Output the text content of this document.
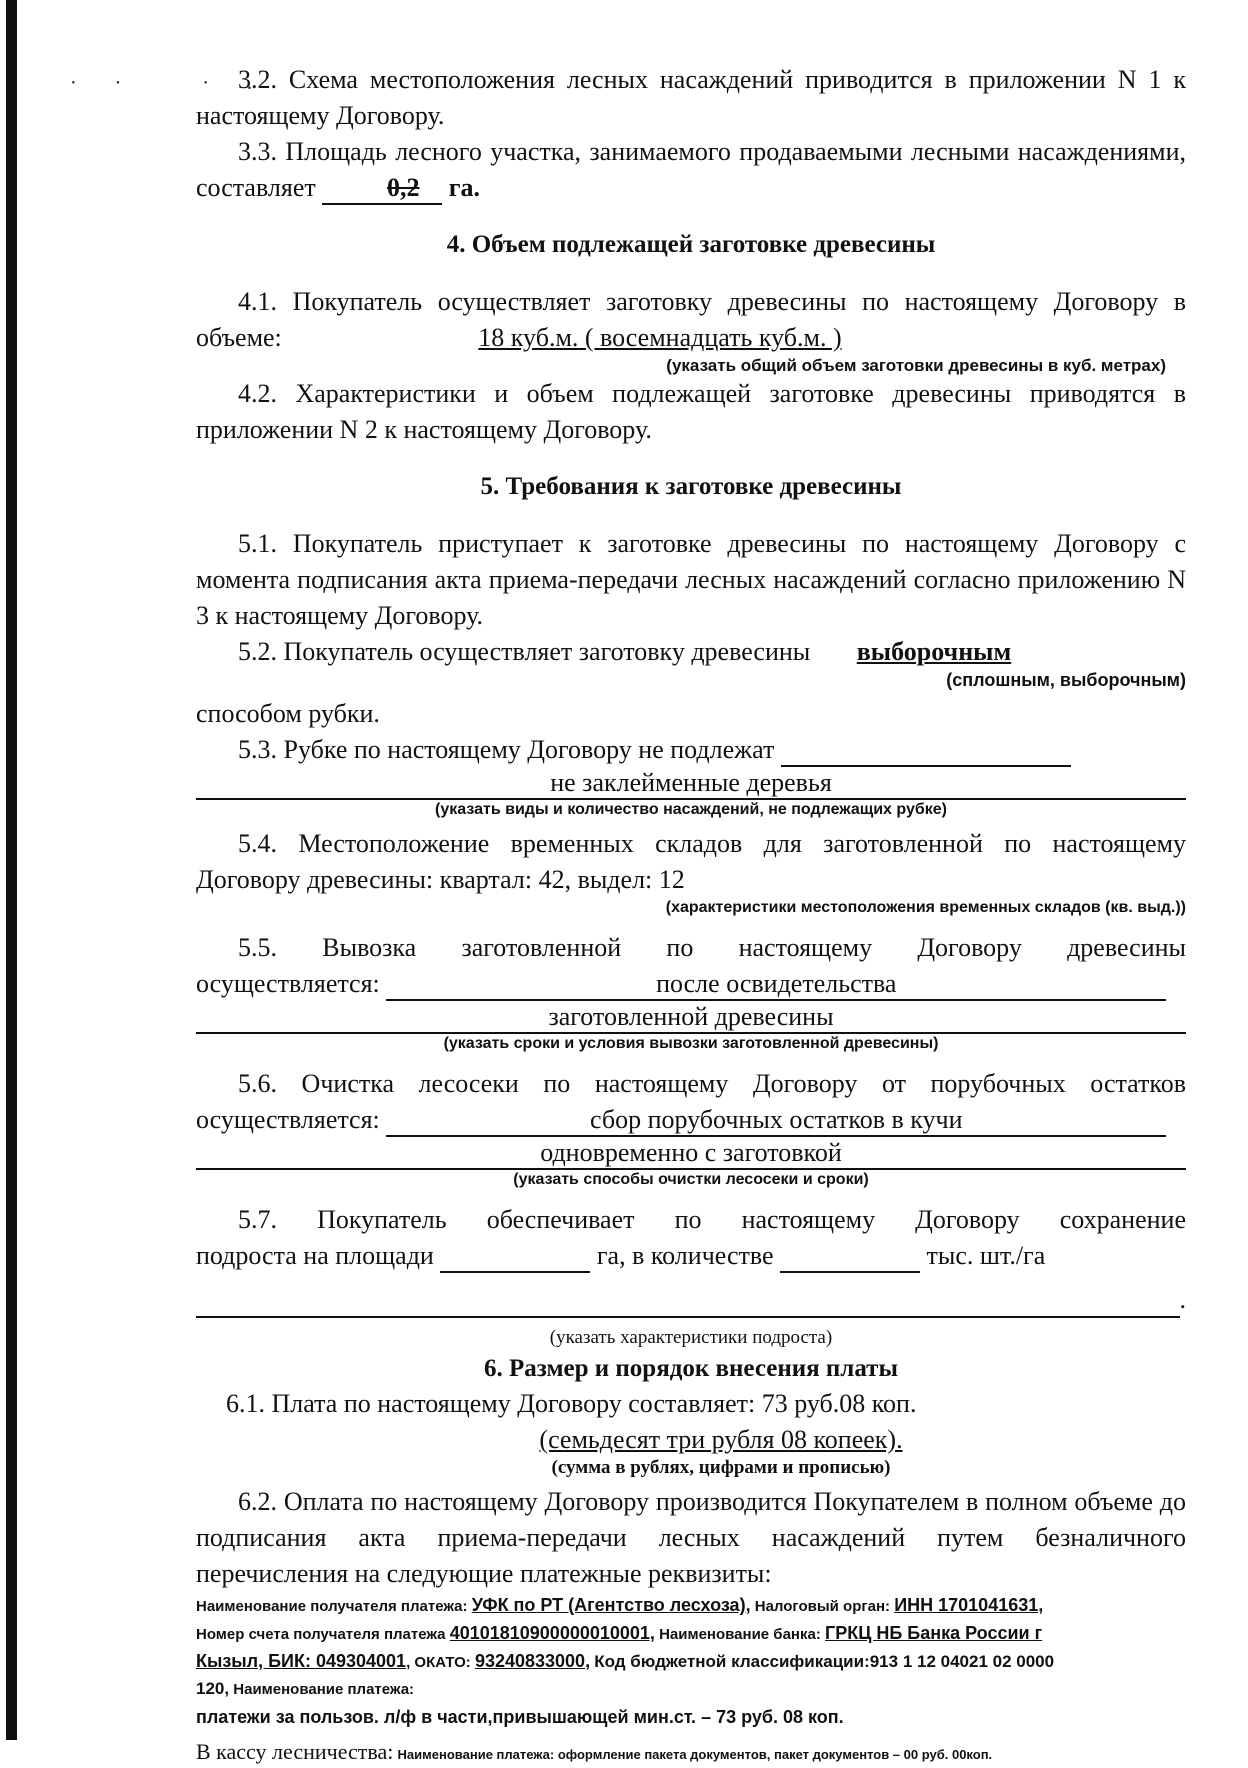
·· ·.

3.2. Схема местоположения лесных насаждений приводится в приложении N 1 к настоящему Договору.

3.3. Площадь лесного участка, занимаемого продаваемыми лесными насаждениями, составляет	0,2 га.

4. Объем подлежащей заготовке древесины

4.1. Покупатель осуществляет заготовку древесины по настоящему Договору в объеме:	18 куб.м. ( восемнадцать куб.м. )

(указать общий объем заготовки древесины в куб. метрах)

4.2. Характеристики и объем подлежащей заготовке древесины приводятся в приложении N 2 к настоящему Договору.

5. Требования к заготовке древесины

5.1. Покупатель приступает к заготовке древесины по настоящему Договору с момента подписания акта приема-передачи лесных насаждений согласно приложению N 3 к настоящему Договору.

5.2. Покупатель осуществляет заготовку древесины выборочным

(сплошным, выборочным)

способом рубки.

5.3. Рубке по настоящему Договору не подлежат

не заклейменные деревья
(указать виды и количество насаждений, не подлежащих рубке)

5.4. Местоположение временных складов для заготовленной по настоящему Договору древесины: квартал: 42, выдел: 12

(характеристики местоположения временных складов (кв. выд.))

5.5. Вывозка заготовленной по настоящему Договору древесины

осуществляется:	после освидетельства

заготовленной древесины
(указать сроки и условия вывозки заготовленной древесины)

5.6. Очистка лесосеки по настоящему Договору от порубочных остатков

осуществляется:	сбор порубочных остатков в кучи

одновременно с заготовкой
(указать способы очистки лесосеки и сроки)

5.7. Покупатель обеспечивает по настоящему Договору сохранение

подроста на площади	га, в количестве	тыс. шт./га

.
(указать характеристики подроста)

6. Размер и порядок внесения платы

6.1. Плата по настоящему Договору составляет: 73 руб.08 коп.

(семьдесят три рубля 08 копеек).

(сумма в рублях, цифрами и прописью)

6.2. Оплата по настоящему Договору производится Покупателем в полном объеме до подписания акта приема-передачи лесных насаждений путем безналичного перечисления на следующие платежные реквизиты:

Наименование получателя платежа: УФК по РТ (Агентство лесхоза), Налоговый орган: ИНН 1701041631,

Номер счета получателя платежа 40101810900000010001, Наименование банка: ГРКЦ НБ Банка России г

Кызыл, БИК: 049304001, ОКАТО: 93240833000, Код бюджетной классификации:913 1 12 04021 02 0000

120, Наименование платежа:

платежи за пользов. л/ф в части,привышающей мин.ст. – 73 руб. 08 коп.

В кассу лесничества: Наименование платежа: оформление пакета документов, пакет документов – 00 руб. 00коп.
